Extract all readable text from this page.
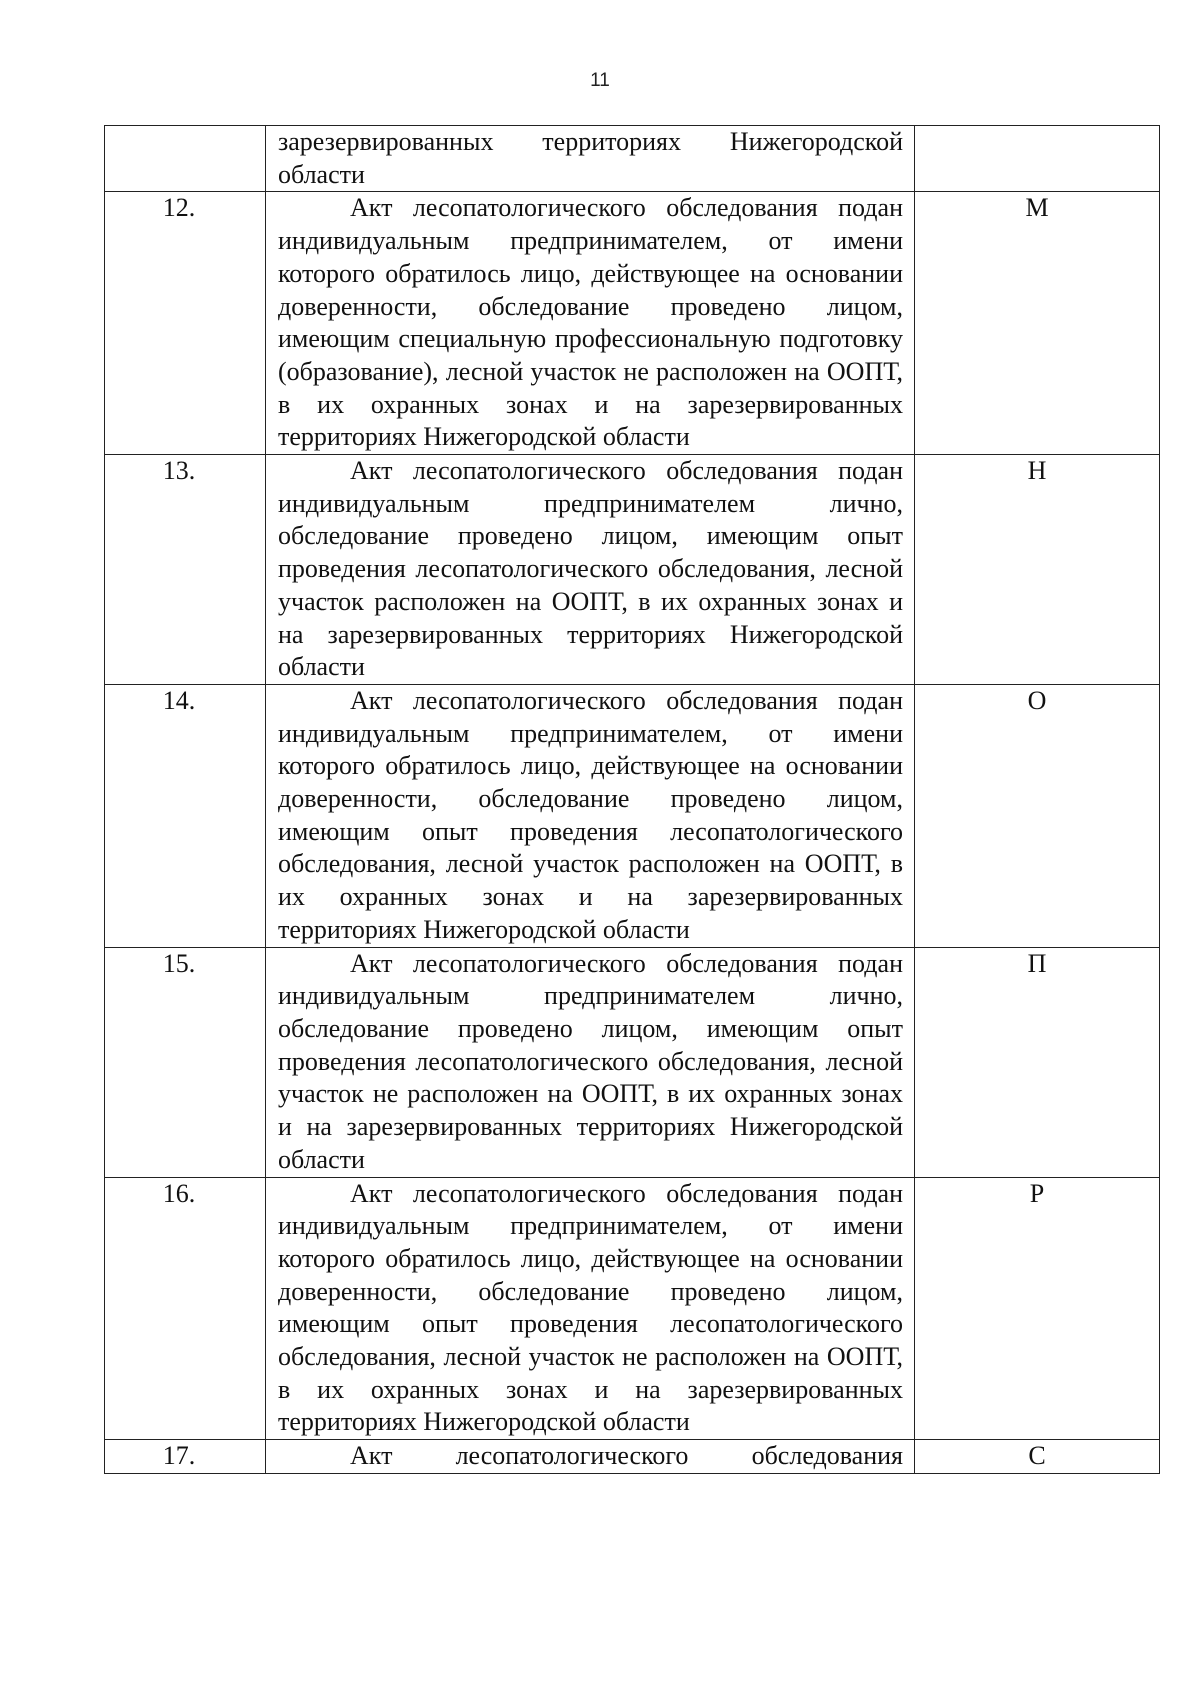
11

	зарезервированных территориях Нижегородской области	

12.	Акт лесопатологического обследования подан индивидуальным предпринимателем, от имени которого обратилось лицо, действующее на основании доверенности, обследование проведено лицом, имеющим специальную профессиональную подготовку (образование), лесной участок не расположен на ООПТ, в их охранных зонах и на зарезервированных территориях Нижегородской области	М
13.	Акт лесопатологического обследования подан индивидуальным предпринимателем лично, обследование проведено лицом, имеющим опыт проведения лесопатологического обследования, лесной участок расположен на ООПТ, в их охранных зонах и на зарезервированных территориях Нижегородской области	Н
14.	Акт лесопатологического обследования подан индивидуальным предпринимателем, от имени которого обратилось лицо, действующее на основании доверенности, обследование проведено лицом, имеющим опыт проведения лесопатологического обследования, лесной участок расположен на ООПТ, в их охранных зонах и на зарезервированных территориях Нижегородской области	О
15.	Акт лесопатологического обследования подан индивидуальным предпринимателем лично, обследование проведено лицом, имеющим опыт проведения лесопатологического обследования, лесной участок не расположен на ООПТ, в их охранных зонах и на зарезервированных территориях Нижегородской области	П
16.	Акт лесопатологического обследования подан индивидуальным предпринимателем, от имени которого обратилось лицо, действующее на основании доверенности, обследование проведено лицом, имеющим опыт проведения лесопатологического обследования, лесной участок не расположен на ООПТ, в их охранных зонах и на зарезервированных территориях Нижегородской области	Р
17.	Акт лесопатологического обследования	С
